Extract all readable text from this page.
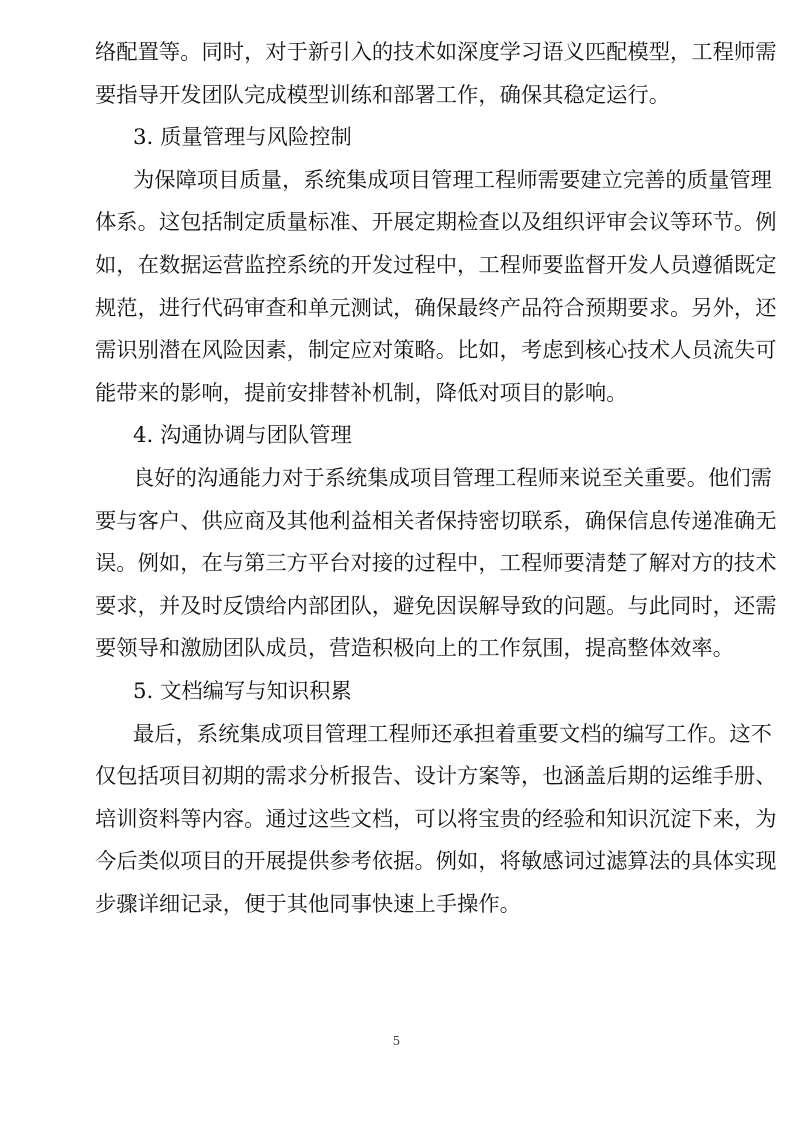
络配置等。同时，对于新引入的技术如深度学习语义匹配模型，工程师需
要指导开发团队完成模型训练和部署工作，确保其稳定运行。
3. 质量管理与风险控制
为保障项目质量，系统集成项目管理工程师需要建立完善的质量管理
体系。这包括制定质量标准、开展定期检查以及组织评审会议等环节。例
如，在数据运营监控系统的开发过程中，工程师要监督开发人员遵循既定
规范，进行代码审查和单元测试，确保最终产品符合预期要求。另外，还
需识别潜在风险因素，制定应对策略。比如，考虑到核心技术人员流失可
能带来的影响，提前安排替补机制，降低对项目的影响。
4. 沟通协调与团队管理
良好的沟通能力对于系统集成项目管理工程师来说至关重要。他们需
要与客户、供应商及其他利益相关者保持密切联系，确保信息传递准确无
误。例如，在与第三方平台对接的过程中，工程师要清楚了解对方的技术
要求，并及时反馈给内部团队，避免因误解导致的问题。与此同时，还需
要领导和激励团队成员，营造积极向上的工作氛围，提高整体效率。
5. 文档编写与知识积累
最后，系统集成项目管理工程师还承担着重要文档的编写工作。这不
仅包括项目初期的需求分析报告、设计方案等，也涵盖后期的运维手册、
培训资料等内容。通过这些文档，可以将宝贵的经验和知识沉淀下来，为
今后类似项目的开展提供参考依据。例如，将敏感词过滤算法的具体实现
步骤详细记录，便于其他同事快速上手操作。
5
